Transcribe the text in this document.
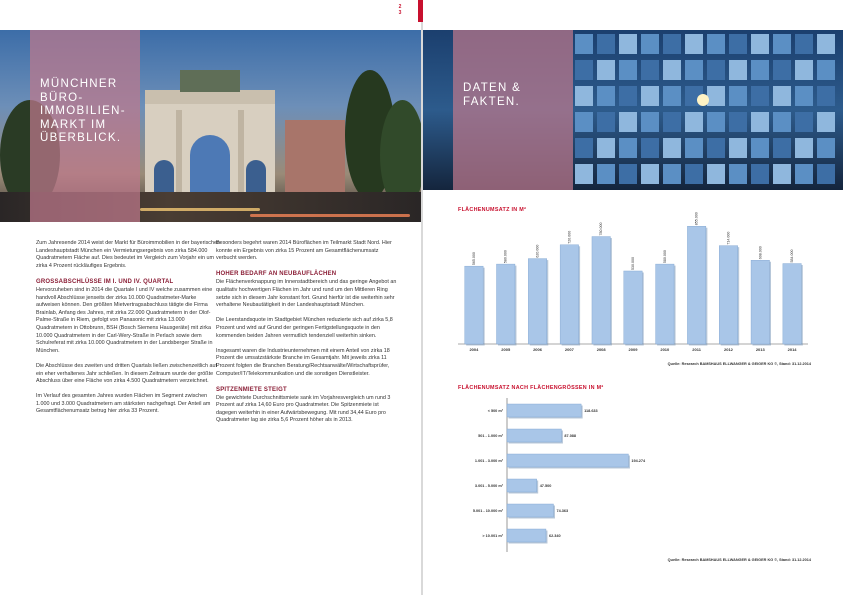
MÜNCHNER
BÜRO-
IMMOBILIEN-
MARKT IM
ÜBERBLICK.

Zum Jahresende 2014 weist der Markt für Büroimmobilien in der bayerischen Landeshauptstadt München ein Vermietungsergebnis von zirka 584.000 Quadratmetern Fläche auf. Dies bedeutet im Vergleich zum Vorjahr ein um zirka 4 Prozent rückläufiges Ergebnis.

GROSSABSCHLÜSSE IM I. UND IV. QUARTAL

Hervorzuheben sind in 2014 die Quartale I und IV welche zusammen eine handvoll Abschlüsse jenseits der zirka 10.000 Quadratmeter-Marke aufweisen können. Den größten Mietvertragsabschluss tätigte die Firma Brainlab, Anfang des Jahres, mit zirka 22.000 Quadratmetern in der Olof-Palme-Straße in Riem, gefolgt von Panasonic mit zirka 13.000 Quadratmetern in Ottobrunn, BSH (Bosch Siemens Hausgeräte) mit zirka 10.000 Quadratmetern in der Carl-Wery-Straße in Perlach sowie dem Schulreferat mit zirka 10.000 Quadratmetern in der Landsberger Straße in München.

Die Abschlüsse des zweiten und dritten Quartals ließen zwischenzeitlich auf ein eher verhaltenes Jahr schließen. In diesem Zeitraum wurde der größte Abschluss über eine Fläche von zirka 4.500 Quadratmetern verzeichnet.

Im Verlauf des gesamten Jahres wurden Flächen im Segment zwischen 1.000 und 3.000 Quadratmetern am stärksten nachgefragt. Der Anteil am Gesamtflächenumsatz betrug hier zirka 33 Prozent.

Besonders begehrt waren 2014 Büroflächen im Teilmarkt Stadt Nord. Hier konnte ein Ergebnis von zirka 15 Prozent am Gesamtflächenumsatz verbucht werden.

HOHER BEDARF AN NEUBAUFLÄCHEN

Die Flächenverknappung im Innenstadtbereich und das geringe Angebot an qualitativ hochwertigen Flächen im Jahr und rund um den Mittleren Ring setzte sich in diesem Jahr konstant fort. Grund hierfür ist die weiterhin sehr verhaltene Neubautätigkeit in der Landeshauptstadt München.

Die Leerstandsquote im Stadtgebiet München reduzierte sich auf zirka 5,8 Prozent und wird auf Grund der geringen Fertigstellungsquote in den kommenden beiden Jahren vermutlich tendenziell weiterhin sinken.

Insgesamt waren die Industrieunternehmen mit einem Anteil von zirka 18 Prozent die umsatzstärkste Branche im Gesamtjahr. Mit jeweils zirka 11 Prozent folgten die Branchen Beratung/Rechtsanwälte/Wirtschaftsprüfer, Computer/IT/Telekommunikation und die sonstigen Dienstleister.

SPITZENMIETE STEIGT

Die gewichtete Durchschnittsmiete sank im Vorjahresvergleich um rund 3 Prozent auf zirka 14,60 Euro pro Quadratmeter. Die Spitzenmiete ist dagegen weiterhin in einer Aufwärtsbewegung. Mit rund 34,44 Euro pro Quadratmeter lag sie zirka 5,6 Prozent höher als in 2013.

2
3
DATEN &
FAKTEN.
FLÄCHENUMSATZ IN M²
565.000
2004
580.000
2005
620.000
2006
720.000
2007
780.000
2008
530.000
2009
580.000
2010
855.000
2011
714.000
2012
608.000
2013
584.000
2014
Quelle: Research BAMSHAUS ELLWANGER & GEIGER KG ©, Stand: 31.12.2014
FLÄCHENUMSATZ NACH FLÄCHENGRÖSSEN IN M²
118.633
< 500 m²
87.088
501 - 1.000 m²
194.274
1.001 - 3.000 m²
47.500
3.001 - 5.000 m²
74.363
5.001 - 10.000 m²
62.340
> 10.001 m²
Quelle: Research BAMSHAUS ELLWANGER & GEIGER KG ©, Stand: 31.12.2014
